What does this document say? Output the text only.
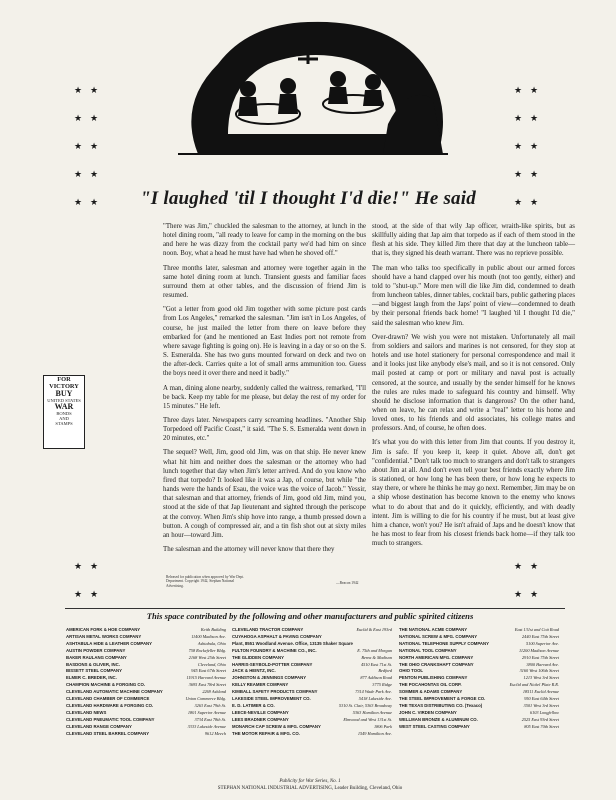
★ ★
★ ★
★ ★
★ ★
★ ★
★ ★
★ ★
★ ★
★ ★
★ ★
★ ★
★ ★
★ ★
★ ★
"I laughed 'til I thought I'd die!" He said

"There was Jim," chuckled the salesman to the attorney, at lunch in the hotel dining room, "all ready to leave for camp in the morning on the bus and here he was dizzy from the cocktail party we'd had him on since noon. Boy, what a head he must have had when he shoved off."

Three months later, salesman and attorney were together again in the same hotel dining room at lunch. Transient guests and familiar faces surround them at other tables, and the discussion of friend Jim is resumed.

"Got a letter from good old Jim together with some picture post cards from Los Angeles," remarked the salesman. "Jim isn't in Los Angeles, of course, he just mailed the letter from there on leave before they embarked for (and he mentioned an East Indies port not remote from where savage fighting is going on). He is leaving in a day or so on the S. S. Esmeralda. She has two guns mounted forward on deck and two on the after-deck. Carries quite a lot of small arms ammunition too. Guess the boys need it over there and need it badly."

A man, dining alone nearby, suddenly called the waitress, remarked, "I'll be back. Keep my table for me please, but delay the rest of my order for 15 minutes." He left.

Three days later. Newspapers carry screaming headlines. "Another Ship Torpedoed off Pacific Coast," it said. "The S. S. Esmeralda went down in 20 minutes, etc."

The sequel? Well, Jim, good old Jim, was on that ship. He never knew what hit him and neither does the salesman or the attorney who had lunch together that day when Jim's letter arrived. And do you know who fired that torpedo? It looked like it was a Jap, of course, but while "the hands were the hands of Esau, the voice was the voice of Jacob." Yessir, that salesman and that attorney, friends of Jim, good old Jim, mind you, stood at the side of that Jap lieutenant and sighted through the periscope at the convoy. When Jim's ship hove into range, a thumb pressed down a button. A cough of compressed air, and a tin fish shot out at sixty miles an hour—toward Jim.

The salesman and the attorney will never know that there they

stood, at the side of that wily Jap officer, wraith-like spirits, but as skillfully aiding that Jap aim that torpedo as if each of them stood in the flesh at his side. They killed Jim there that day at the luncheon table—that is, they signed his death warrant. There was no reprieve possible.

The man who talks too specifically in public about our armed forces should have a hand clapped over his mouth (not too gently, either) and told to "shut-up." More men will die like Jim did, condemned to death from luncheon tables, dinner tables, cocktail bars, public gathering places—and biggest laugh from the Japs' point of view—condemned to death by their personal friends back home! "I laughed 'til I thought I'd die," said the salesman who knew Jim.

Over-drawn? We wish you were not mistaken. Unfortunately all mail from soldiers and sailors and marines is not censored, for they stop at hotels and use hotel stationery for personal correspondence and mail it and it looks just like anybody else's mail, and so it is not censored. Only mail posted at camp or port or military and naval post is actually censored, at the source, and usually by the sender himself for he knows the rules are rules made to safeguard his country and himself. Why should he disclose information that is dangerous? On the other hand, when on leave, he can relax and write a "real" letter to his home and loved ones, to his friends and old associates, his college mates and professors. And, of course, he often does.

It's what you do with this letter from Jim that counts. If you destroy it, Jim is safe. If you keep it, keep it quiet. Above all, don't get "confidential." Don't talk too much to strangers and don't talk to strangers about Jim at all. And don't even tell your best friends exactly where Jim is stationed, or how long he has been there, or how long he expects to stay there, or where he thinks he may go next. Remember, Jim may be on a ship whose destination has become known to the enemy who knows what to do about that and do it quickly, efficiently, and with deadly intent. Jim is willing to die for his country if he must, but at least give him a chance, won't you? He isn't afraid of Japs and he doesn't know that he has most to fear from his closest friends back home—if they talk too much to strangers.

FOR VICTORY
BUY
UNITED STATES
WAR
BONDS
AND
STAMPS
Released for publication when approved by War Dept. Department. Copyright 1942, Stephan National Advertising.
—Beacon 1942
This space contributed by the following and other manufacturers and public spirited citizens
AMERICAN FORK & HOE COMPANY	Keith Building
ARTISAN METAL WORKS COMPANY	11400 Madison Ave.
ASHTABULA HIDE & LEATHER COMPANY	Ashtabula, Ohio
AUSTIN POWDER COMPANY	758 Rockefeller Bldg.
BAKER RAULANG COMPANY	2168 West 25th Street
BASDONS & OLIVER, INC.	Cleveland, Ohio
BISSETT STEEL COMPANY	945 East 67th Street
ELMER C. BREDER, INC.	11915 Harvard Avenue
CHAMPION MACHINE & FORGING CO.	3695 East 78rd Street
CLEVELAND AUTOMATIC MACHINE COMPANY	2269 Ashland
CLEVELAND CHAMBER OF COMMERCE	Union Commerce Bldg.
CLEVELAND HARDWARE & FORGING CO.	3263 East 79th St.
CLEVELAND NEWS	1801 Superior Avenue
CLEVELAND PNEUMATIC TOOL COMPANY	3734 East 78th St.
CLEVELAND RANGE COMPANY	3333 Lakeside Avenue
CLEVELAND STEEL BARREL COMPANY	9612 Meech
CLEVELAND TRACTOR COMPANY	Euclid & East 193rd
CUYAHOGA ASPHALT & PAVING COMPANY
Plant, 8551 Woodland Avenue. Office, 13135 Shaker Square
FULTON FOUNDRY & MACHINE CO., INC.	E. 75th and Morgan
THE GLIDDEN COMPANY	Berea & Madison
HARRIS-SEYBOLD-POTTER COMPANY	4510 East 71st St.
JACK & HEINTZ, INC.	Bedford
JOHNSTON & JENNINGS COMPANY	877 Addison Road
KELLY REAMER COMPANY	3775 Ridge
KIMBALL SAFETY PRODUCTS COMPANY	7314 Wade Park Ave.
LAKESIDE STEEL IMPROVEMENT CO.	5418 Lakeside Ave.
E. D. LATIMER & CO.	5310 St. Clair, 5363 Broadway
LEECE-NEVILLE COMPANY	5363 Hamilton Avenue
LEES BRADNER COMPANY	Elmwood and West 131st St.
MONARCH CAP SCREW & MFG. COMPANY	1806 Park
THE MOTOR REPAIR & MFG. CO.	1549 Hamilton Ave.
THE NATIONAL ACME COMPANY	East 131st and Coit Road
NATIONAL SCREW & MFG. COMPANY	2440 East 75th Street
NATIONAL TELEPHONE SUPPLY COMPANY	5100 Superior Ave.
NATIONAL TOOL COMPANY	11200 Madison Avenue
NORTH AMERICAN MFG. COMPANY	2910 East 75th Street
THE OHIO CRANKSHAFT COMPANY	3800 Harvard Ave.
OHIO TOOL	3160 West 106th Street
PENTON PUBLISHING COMPANY	1213 West 3rd Street
THE POCAHONTAS OIL CORP.	Euclid and Nickel Plate R.R.
SOMMER & ADAMS COMPANY	18511 Euclid Avenue
THE STEEL IMPROVEMENT & FORGE CO.	950 East 64th Street
THE TEXAS DISTRIBUTING CO. (Texaco)	3501 West 3rd Street
JOHN C. VIRDEN COMPANY	6103 Longfellow
WELLMAN BRONZE & ALUMINUM CO.	2525 East 93rd Street
WEST STEEL CASTING COMPANY	805 East 70th Street
Publicity for War Series, No. 1
STEPHAN NATIONAL INDUSTRIAL ADVERTISING, Leader Building, Cleveland, Ohio
